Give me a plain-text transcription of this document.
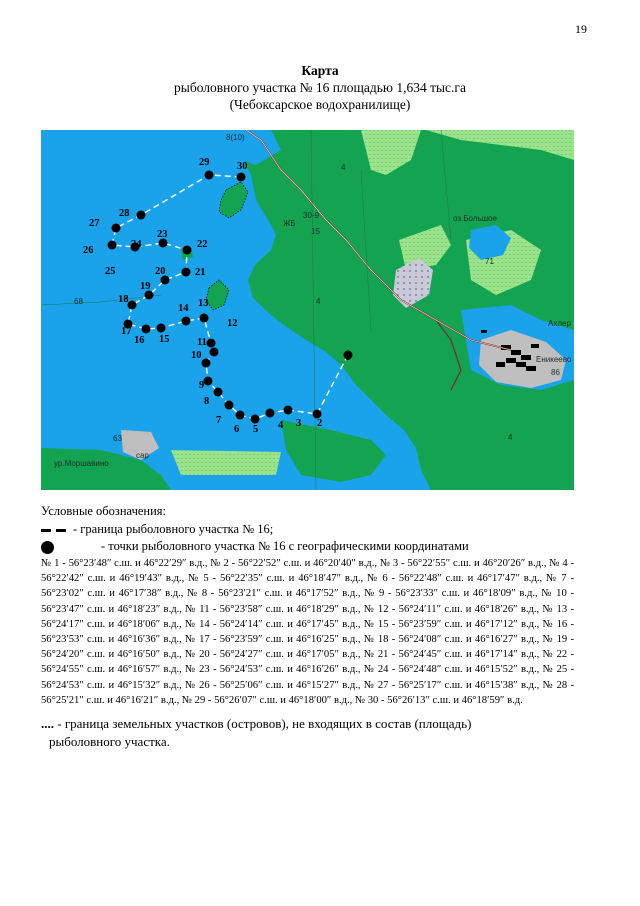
19
Карта
рыболовного участка № 16 площадью 1,634 тыс.га
(Чебоксарское водохранилище)
1
2
3
4
5
6
7
8
9
10
11
12
13
14
15
16
17
18
19
20	21
22
23
24
25
26
27
28
29	30
оз.Большое
71
Еникеево
86
Ахлер
ур.Моршавино
сар
8(10)
ЖБ
30-9
15
4
4
4
68
63
Условные обозначения:
- граница рыболовного участка № 16;
- точки рыболовного участка № 16 с географическими координатами
№ 1 - 56°23′48″ с.ш. и 46°22′29″ в.д., № 2 - 56°22′52″ с.ш. и 46°20′40″ в.д., № 3 - 56°22′55″ с.ш. и 46°20′26″ в.д., № 4 - 56°22′42″ с.ш. и 46°19′43″ в.д., № 5 - 56°22′35″ с.ш. и 46°18′47″ в.д., № 6 - 56°22′48″ с.ш. и 46°17′47″ в.д., № 7 - 56°23′02″ с.ш. и 46°17′38″ в.д., № 8 - 56°23′21″ с.ш. и 46°17′52″ в.д., № 9 - 56°23′33″ с.ш. и 46°18′09″ в.д., № 10 - 56°23′47″ с.ш. и 46°18′23″ в.д., № 11 - 56°23′58″ с.ш. и 46°18′29″ в.д., № 12 - 56°24′11″ с.ш. и 46°18′26″ в.д., № 13 - 56°24′17″ с.ш. и 46°18′06″ в.д., № 14 - 56°24′14″ с.ш. и 46°17′45″ в.д., № 15 - 56°23′59″ с.ш. и 46°17′12″ в.д., № 16 - 56°23′53″ с.ш. и 46°16′36″ в.д., № 17 - 56°23′59″ с.ш. и 46°16′25″ в.д., № 18 - 56°24′08″ с.ш. и 46°16′27″ в.д., № 19 - 56°24′20″ с.ш. и 46°16′50″ в.д., № 20 - 56°24′27″ с.ш. и 46°17′05″ в.д., № 21 - 56°24′45″ с.ш. и 46°17′14″ в.д., № 22 - 56°24′55″ с.ш. и 46°16′57″ в.д., № 23 - 56°24′53″ с.ш. и 46°16′26″ в.д., № 24 - 56°24′48″ с.ш. и 46°15′52″ в.д., № 25 - 56°24′53″ с.ш. и 46°15′32″ в.д., № 26 - 56°25′06″ с.ш. и 46°15′27″ в.д., № 27 - 56°25′17″ с.ш. и 46°15′38″ в.д., № 28 - 56°25′21″ с.ш. и 46°16′21″ в.д., № 29 - 56°26′07″ с.ш. и 46°18′00″ в.д., № 30 - 56°26′13″ с.ш. и 46°18′59″ в.д.
.... - граница земельных участков (островов), не входящих в состав (площадь)
рыболовного участка.
